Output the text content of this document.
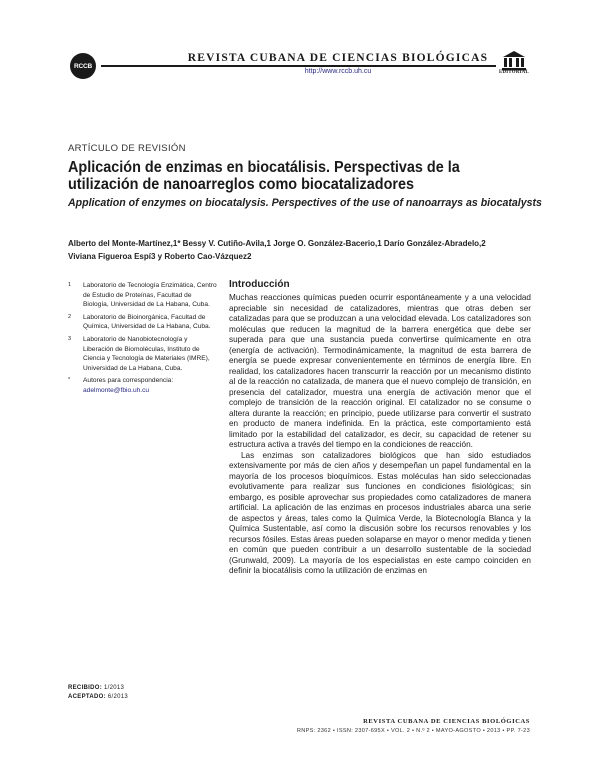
RCCB
REVISTA CUBANA DE CIENCIAS BIOLÓGICAS
http://www.rccb.uh.cu	EDITORIAL
ARTÍCULO DE REVISIÓN
Aplicación de enzimas en biocatálisis. Perspectivas de la utilización de nanoarreglos como biocatalizadores
Application of enzymes on biocatalysis. Perspectives of the use of nanoarrays as biocatalysts
Alberto del Monte-Martínez,1* Bessy V. Cutiño-Avila,1 Jorge O. González-Bacerio,1 Darío González-Abradelo,2
Viviana Figueroa Espí3 y Roberto Cao-Vázquez2
1	Laboratorio de Tecnología Enzimática, Centro de Estudio de Proteínas, Facultad de Biología, Universidad de La Habana, Cuba.
2	Laboratorio de Bioinorgánica, Facultad de Química, Universidad de La Habana, Cuba.
3	Laboratorio de Nanobiotecnología y Liberación de Biomoléculas, Instituto de Ciencia y Tecnología de Materiales (IMRE), Universidad de La Habana, Cuba.
*	Autores para correspondencia:
adelmonte@fbio.uh.cu
RECIBIDO: 1/2013
ACEPTADO: 6/2013
Introducción

Muchas reacciones químicas pueden ocurrir espontáneamente y a una velocidad apreciable sin necesidad de catalizadores, mientras que otras deben ser catalizadas para que se produzcan a una velocidad elevada. Los catalizadores son moléculas que reducen la magnitud de la barrera energética que debe ser superada para que una sustancia pueda convertirse químicamente en otra (energía de activación). Termodinámicamente, la magnitud de esta barrera de energía se puede expresar convenientemente en términos de energía libre. En realidad, los catalizadores hacen transcurrir la reacción por un mecanismo distinto al de la reacción no catalizada, de manera que el nuevo complejo de transición, en presencia del catalizador, muestra una energía de activación menor que el complejo de transición de la reacción original. El catalizador no se consume o altera durante la reacción; en principio, puede utilizarse para convertir el sustrato en producto de manera indefinida. En la práctica, este comportamiento está limitado por la estabilidad del catalizador, es decir, su capacidad de retener su estructura activa a través del tiempo en la condiciones de reacción.

Las enzimas son catalizadores biológicos que han sido estudiados extensivamente por más de cien años y desempeñan un papel fundamental en la mayoría de los procesos bioquímicos. Estas moléculas han sido seleccionadas evolutivamente para realizar sus funciones en condiciones fisiológicas; sin embargo, es posible aprovechar sus propiedades como catalizadores de manera artificial. La aplicación de las enzimas en procesos industriales abarca una serie de aspectos y áreas, tales como la Química Verde, la Biotecnología Blanca y la Química Sustentable, así como la discusión sobre los recursos renovables y los recursos fósiles. Estas áreas pueden solaparse en mayor o menor medida y tienen en común que pueden contribuir a un desarrollo sustentable de la sociedad (Grunwald, 2009). La mayoría de los especialistas en este campo coinciden en definir la biocatálisis como la utilización de enzimas en

REVISTA CUBANA DE CIENCIAS BIOLÓGICAS
RNPS: 2362 • ISSN: 2307-695X • VOL. 2 • N.º 2 • MAYO-AGOSTO • 2013 • PP. 7-23
